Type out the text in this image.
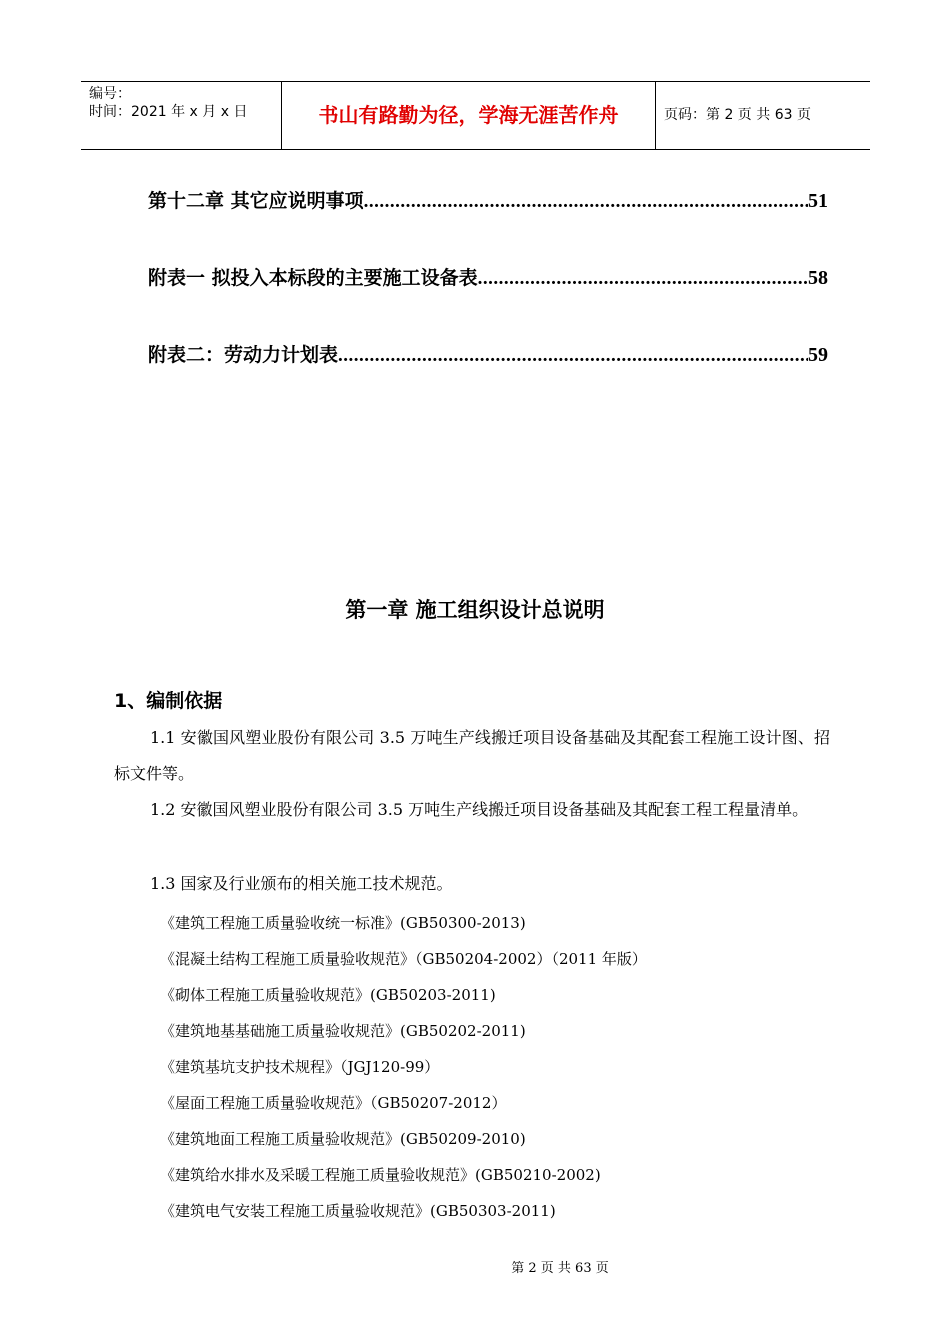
编号：
时间：2021 年 x 月 x 日	书山有路勤为径，学海无涯苦作舟	页码：第 2 页 共 63 页
第十二章 其它应说明事项 .....	51
附表一 拟投入本标段的主要施工设备表 .....	58
附表二：劳动力计划表 .....	59
第一章 施工组织设计总说明
1、编制依据
1.1 安徽国风塑业股份有限公司 3.5 万吨生产线搬迁项目设备基础及其配套工程施工设计图、招标文件等。
1.2 安徽国风塑业股份有限公司 3.5 万吨生产线搬迁项目设备基础及其配套工程工程量清单。
1.3 国家及行业颁布的相关施工技术规范。
《建筑工程施工质量验收统一标准》(GB50300-2013)
《混凝土结构工程施工质量验收规范》（GB50204-2002）（2011 年版）
《砌体工程施工质量验收规范》(GB50203-2011)
《建筑地基基础施工质量验收规范》(GB50202-2011)
《建筑基坑支护技术规程》（JGJ120-99）
《屋面工程施工质量验收规范》（GB50207-2012）
《建筑地面工程施工质量验收规范》(GB50209-2010)
《建筑给水排水及采暖工程施工质量验收规范》(GB50210-2002)
《建筑电气安装工程施工质量验收规范》(GB50303-2011)
第 2 页 共 63 页
